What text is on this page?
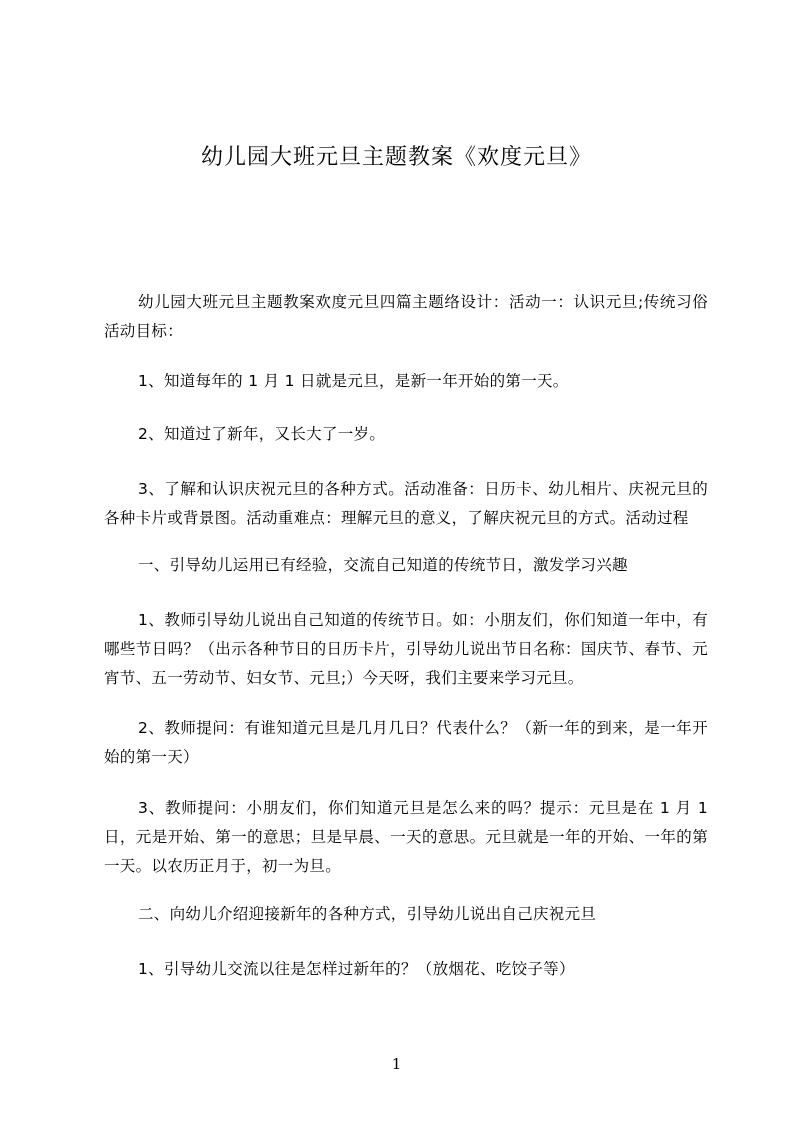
幼儿园大班元旦主题教案《欢度元旦》
幼儿园大班元旦主题教案欢度元旦四篇主题络设计：活动一：认识元旦;传统习俗活动目标：
1、知道每年的 1 月 1 日就是元旦，是新一年开始的第一天。
2、知道过了新年，又长大了一岁。
3、了解和认识庆祝元旦的各种方式。活动准备：日历卡、幼儿相片、庆祝元旦的各种卡片或背景图。活动重难点：理解元旦的意义，了解庆祝元旦的方式。活动过程
一、引导幼儿运用已有经验，交流自己知道的传统节日，激发学习兴趣
1、教师引导幼儿说出自己知道的传统节日。如：小朋友们，你们知道一年中，有哪些节日吗？（出示各种节日的日历卡片，引导幼儿说出节日名称：国庆节、春节、元宵节、五一劳动节、妇女节、元旦;）今天呀，我们主要来学习元旦。
2、教师提问：有谁知道元旦是几月几日？代表什么？（新一年的到来，是一年开始的第一天）
3、教师提问：小朋友们，你们知道元旦是怎么来的吗？提示：元旦是在 1 月 1 日，元是开始、第一的意思；旦是早晨、一天的意思。元旦就是一年的开始、一年的第一天。以农历正月于，初一为旦。
二、向幼儿介绍迎接新年的各种方式，引导幼儿说出自己庆祝元旦
1、引导幼儿交流以往是怎样过新年的？（放烟花、吃饺子等）
1
